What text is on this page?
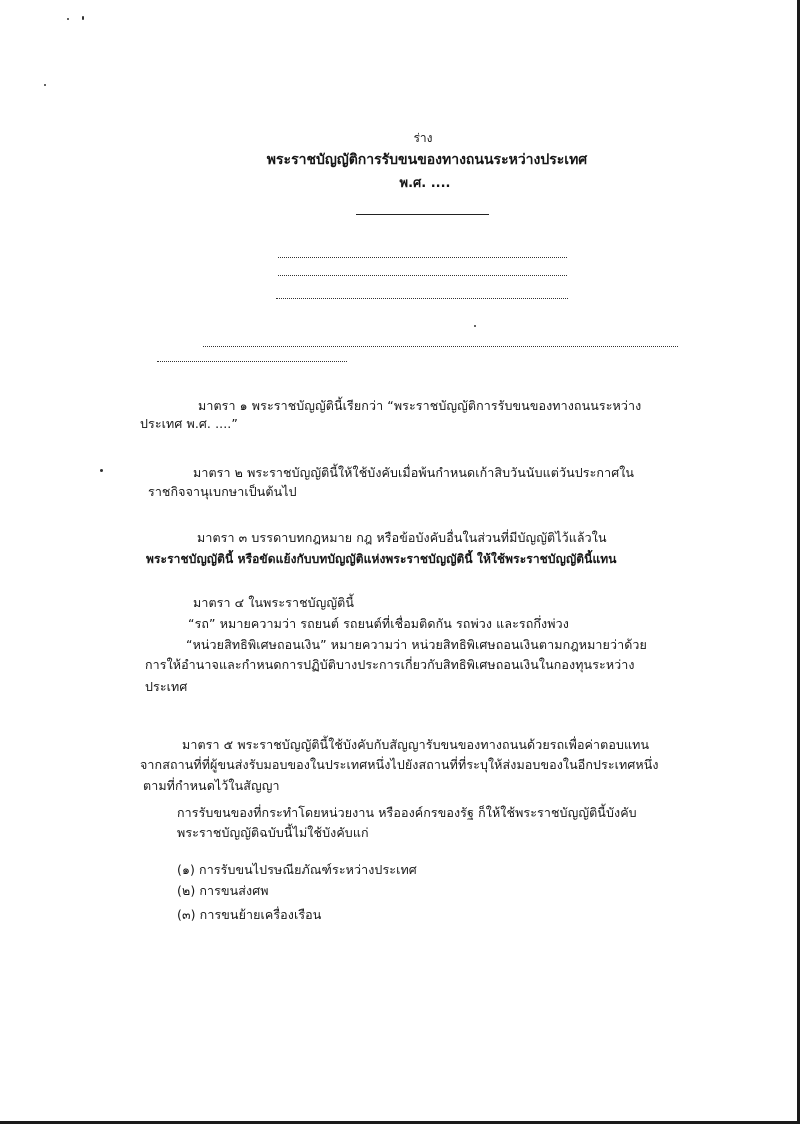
ร่าง
พระราชบัญญัติการรับขนของทางถนนระหว่างประเทศ
พ.ศ. ....
มาตรา ๑ พระราชบัญญัตินี้เรียกว่า “พระราชบัญญัติการรับขนของทางถนนระหว่าง
ประเทศ พ.ศ. ....”
มาตรา ๒ พระราชบัญญัตินี้ให้ใช้บังคับเมื่อพ้นกำหนดเก้าสิบวันนับแต่วันประกาศใน
ราชกิจจานุเบกษาเป็นต้นไป
มาตรา ๓ บรรดาบทกฎหมาย กฎ หรือข้อบังคับอื่นในส่วนที่มีบัญญัติไว้แล้วใน
พระราชบัญญัตินี้ หรือขัดแย้งกับบทบัญญัติแห่งพระราชบัญญัตินี้ ให้ใช้พระราชบัญญัตินี้แทน
มาตรา ๔ ในพระราชบัญญัตินี้
“รถ” หมายความว่า รถยนต์ รถยนต์ที่เชื่อมติดกัน รถพ่วง และรถกึ่งพ่วง
“หน่วยสิทธิพิเศษถอนเงิน” หมายความว่า หน่วยสิทธิพิเศษถอนเงินตามกฎหมายว่าด้วย
การให้อำนาจและกำหนดการปฏิบัติบางประการเกี่ยวกับสิทธิพิเศษถอนเงินในกองทุนระหว่าง
ประเทศ
มาตรา ๕ พระราชบัญญัตินี้ใช้บังคับกับสัญญารับขนของทางถนนด้วยรถเพื่อค่าตอบแทน
จากสถานที่ที่ผู้ขนส่งรับมอบของในประเทศหนึ่งไปยังสถานที่ที่ระบุให้ส่งมอบของในอีกประเทศหนึ่ง
ตามที่กำหนดไว้ในสัญญา
การรับขนของที่กระทำโดยหน่วยงาน หรือองค์กรของรัฐ ก็ให้ใช้พระราชบัญญัตินี้บังคับ
พระราชบัญญัติฉบับนี้ไม่ใช้บังคับแก่
(๑) การรับขนไปรษณียภัณฑ์ระหว่างประเทศ
(๒) การขนส่งศพ
(๓) การขนย้ายเครื่องเรือน
